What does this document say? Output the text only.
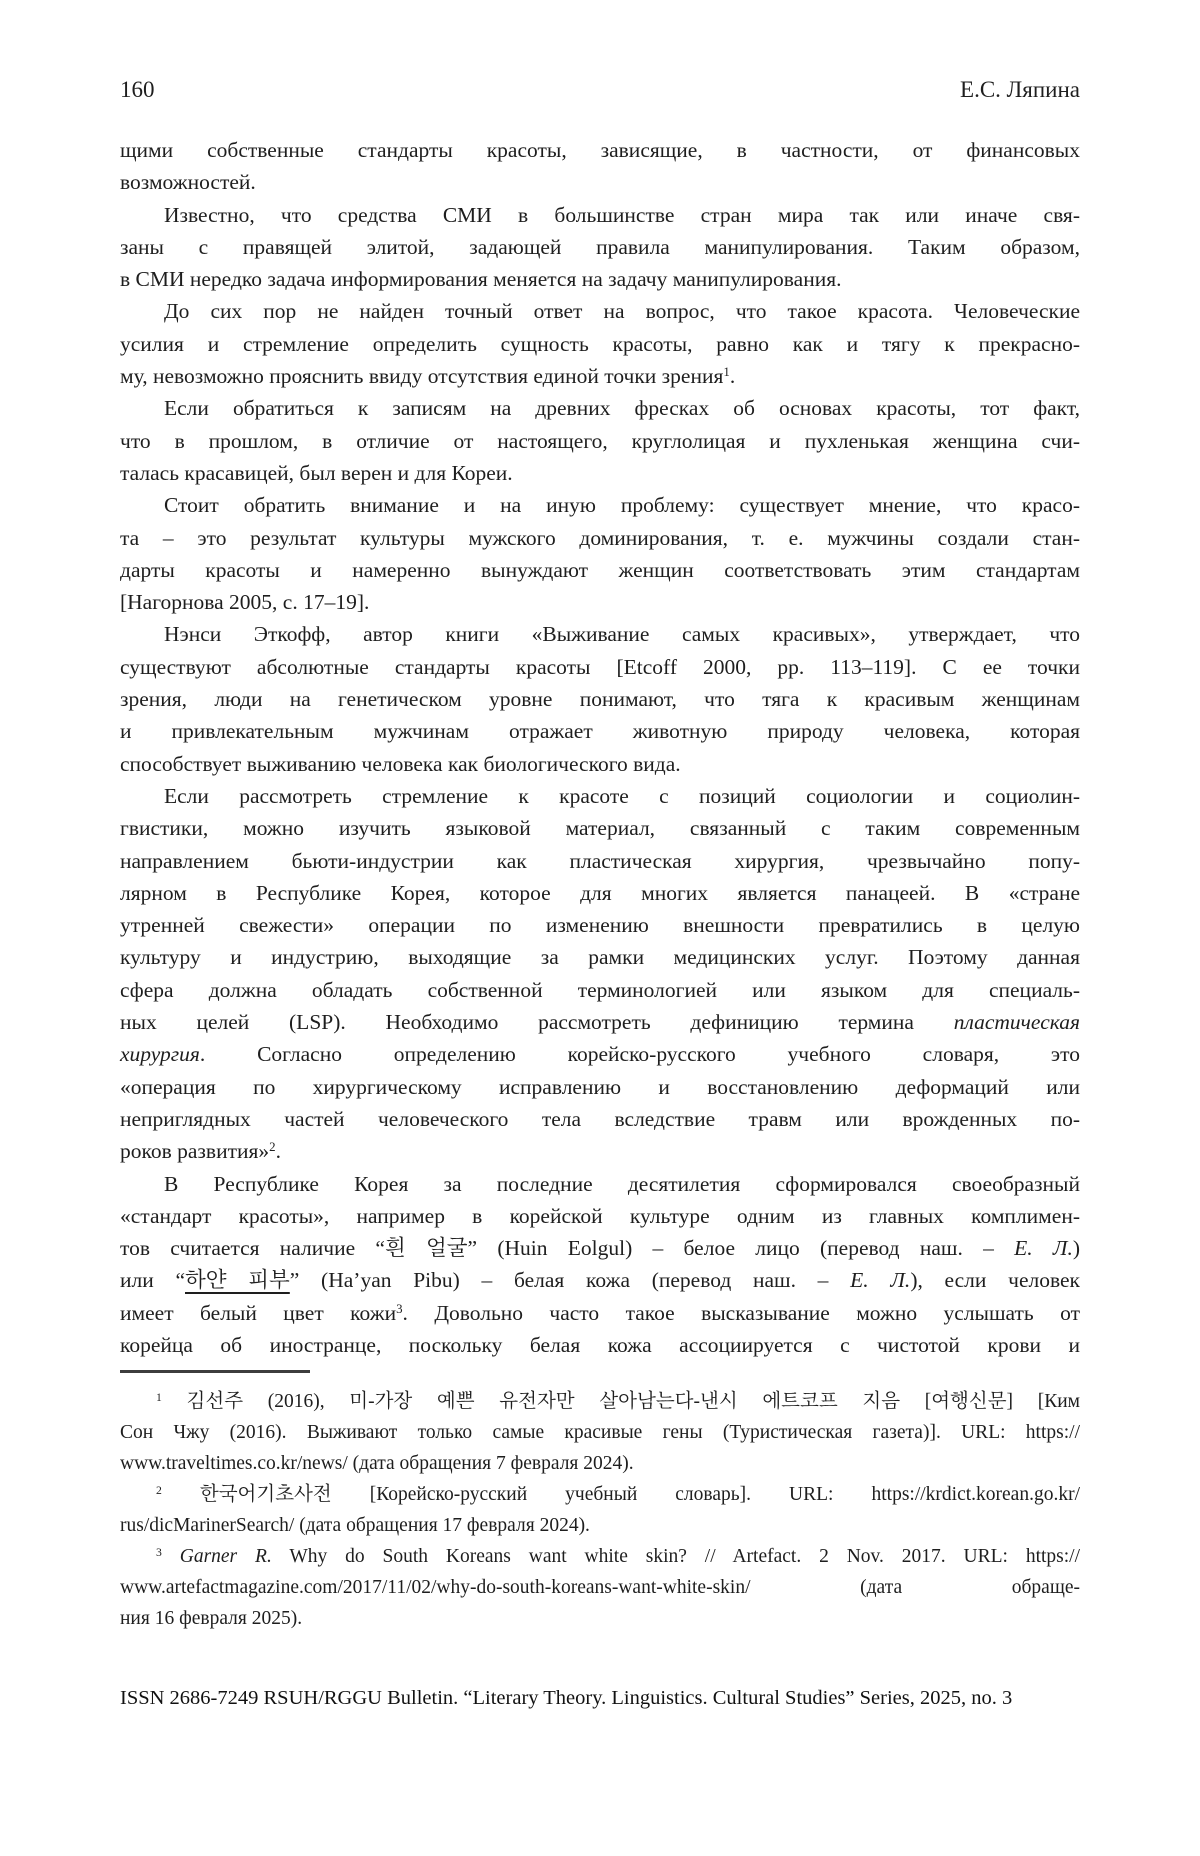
160	Е.С. Ляпина
щими собственные стандарты красоты, зависящие, в частности, от финансовых
возможностей.
Известно, что средства СМИ в большинстве стран мира так или иначе свя-
заны с правящей элитой, задающей правила манипулирования. Таким образом,
в СМИ нередко задача информирования меняется на задачу манипулирования.
До сих пор не найден точный ответ на вопрос, что такое красота. Человеческие
усилия и стремление определить сущность красоты, равно как и тягу к прекрасно-
му, невозможно прояснить ввиду отсутствия единой точки зрения$^1$.
Если обратиться к записям на древних фресках об основах красоты, тот факт,
что в прошлом, в отличие от настоящего, круглолицая и пухленькая женщина счи-
талась красавицей, был верен и для Кореи.
Стоит обратить внимание и на иную проблему: существует мнение, что красо-
та – это результат культуры мужского доминирования, т. е. мужчины создали стан-
дарты красоты и намеренно вынуждают женщин соответствовать этим стандартам
[Нагорнова 2005, с. 17–19].
Нэнси Эткофф, автор книги «Выживание самых красивых», утверждает, что
существуют абсолютные стандарты красоты [Etcoff 2000, pp. 113–119]. С ее точки
зрения, люди на генетическом уровне понимают, что тяга к красивым женщинам
и привлекательным мужчинам отражает животную природу человека, которая
способствует выживанию человека как биологического вида.
Если рассмотреть стремление к красоте с позиций социологии и социолин-
гвистики, можно изучить языковой материал, связанный с таким современным
направлением бьюти-индустрии как пластическая хирургия, чрезвычайно попу-
лярном в Республике Корея, которое для многих является панацеей. В «стране
утренней свежести» операции по изменению внешности превратились в целую
культуру и индустрию, выходящие за рамки медицинских услуг. Поэтому данная
сфера должна обладать собственной терминологией или языком для специаль-
ных целей (LSP). Необходимо рассмотреть дефиницию термина пластическая
хирургия. Согласно определению корейско-русского учебного словаря, это
«операция по хирургическому исправлению и восстановлению деформаций или
неприглядных частей человеческого тела вследствие травм или врожденных по-
роков развития»$^2$.
В Республике Корея за последние десятилетия сформировался своеобразный
«стандарт красоты», например в корейской культуре одним из главных комплимен-
тов считается наличие “흰 얼굴” (Huin Eolgul) – белое лицо (перевод наш. – Е. Л.)
или “하얀 피부” (Ha’yan Pibu) – белая кожа (перевод наш. – Е. Л.), если человек
имеет белый цвет кожи$^3$. Довольно часто такое высказывание можно услышать от
корейца об иностранце, поскольку белая кожа ассоциируется с чистотой крови и
$^1$ 김선주 (2016), 미-가장 예쁜 유전자만 살아남는다-낸시 에트코프 지음 [여행신문] [Ким
Сон Чжу (2016). Выживают только самые красивые гены (Туристическая газета)]. URL: https://
www.traveltimes.co.kr/news/ (дата обращения 7 февраля 2024).
$^2$ 한국어기초사전 [Корейско-русский учебный словарь]. URL: https://krdict.korean.go.kr/
rus/dicMarinerSearch/ (дата обращения 17 февраля 2024).
$^3$ Garner R. Why do South Koreans want white skin? // Artefact. 2 Nov. 2017. URL: https://
www.artefactmagazine.com/2017/11/02/why-do-south-koreans-want-white-skin/ (дата обраще-
ния 16 февраля 2025).
ISSN 2686-7249 RSUH/RGGU Bulletin. “Literary Theory. Linguistics. Cultural Studies” Series, 2025, no. 3
